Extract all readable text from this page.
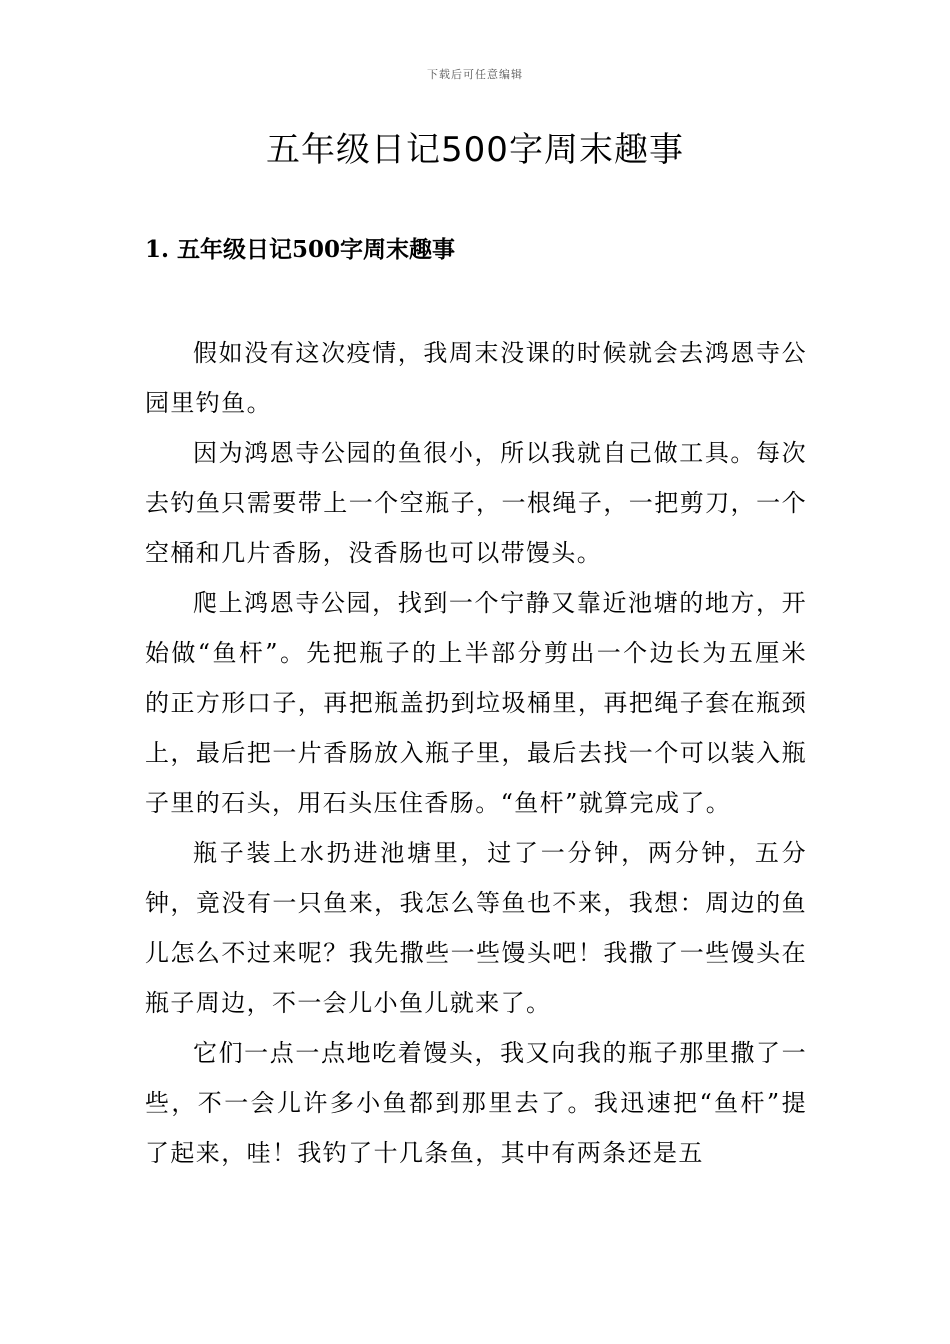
下载后可任意编辑
五年级日记500字周末趣事
1. 五年级日记500字周末趣事

假如没有这次疫情，我周末没课的时候就会去鸿恩寺公园里钓鱼。

因为鸿恩寺公园的鱼很小，所以我就自己做工具。每次去钓鱼只需要带上一个空瓶子，一根绳子，一把剪刀，一个空桶和几片香肠，没香肠也可以带馒头。

爬上鸿恩寺公园，找到一个宁静又靠近池塘的地方，开始做“鱼杆”。先把瓶子的上半部分剪出一个边长为五厘米的正方形口子，再把瓶盖扔到垃圾桶里，再把绳子套在瓶颈上，最后把一片香肠放入瓶子里，最后去找一个可以装入瓶子里的石头，用石头压住香肠。“鱼杆”就算完成了。

瓶子装上水扔进池塘里，过了一分钟，两分钟，五分钟，竟没有一只鱼来，我怎么等鱼也不来，我想：周边的鱼儿怎么不过来呢？我先撒些一些馒头吧！我撒了一些馒头在瓶子周边，不一会儿小鱼儿就来了。

它们一点一点地吃着馒头，我又向我的瓶子那里撒了一些，不一会儿许多小鱼都到那里去了。我迅速把“鱼杆”提了起来，哇！我钓了十几条鱼，其中有两条还是五
